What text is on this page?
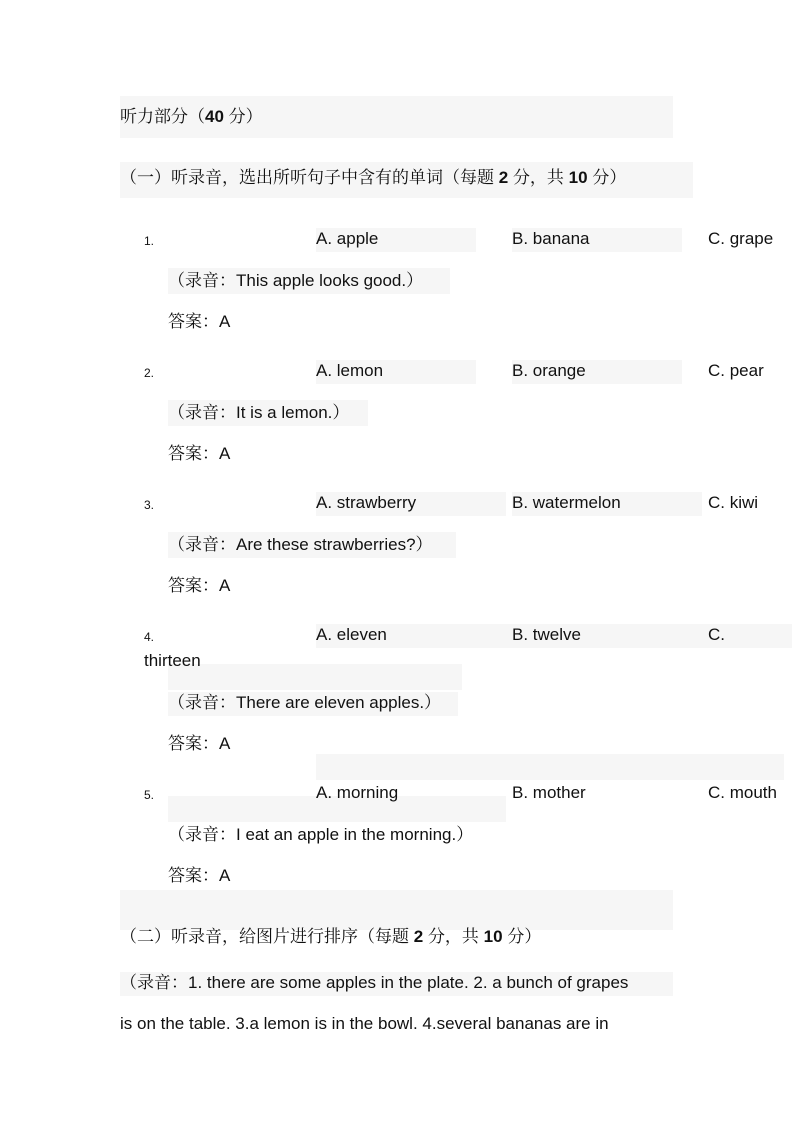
听力部分（40 分）
（一）听录音，选出所听句子中含有的单词（每题 2 分，共 10 分）
1.	A. apple	B. banana	C. grape
（录音：This apple looks good.）
答案：A
2.	A. lemon	B. orange	C. pear
（录音：It is a lemon.）
答案：A
3.	A. strawberry	B. watermelon	C. kiwi
（录音：Are these strawberries?）
答案：A
4.	A. eleven	B. twelve	C.
thirteen
（录音：There are eleven apples.）
答案：A
5.	A. morning	B. mother	C. mouth
（录音：I eat an apple in the morning.）
答案：A
（二）听录音，给图片进行排序（每题 2 分，共 10 分）
（录音：1. there are some apples in the plate. 2. a bunch of grapes
is on the table. 3.a lemon is in the bowl. 4.several bananas are in
